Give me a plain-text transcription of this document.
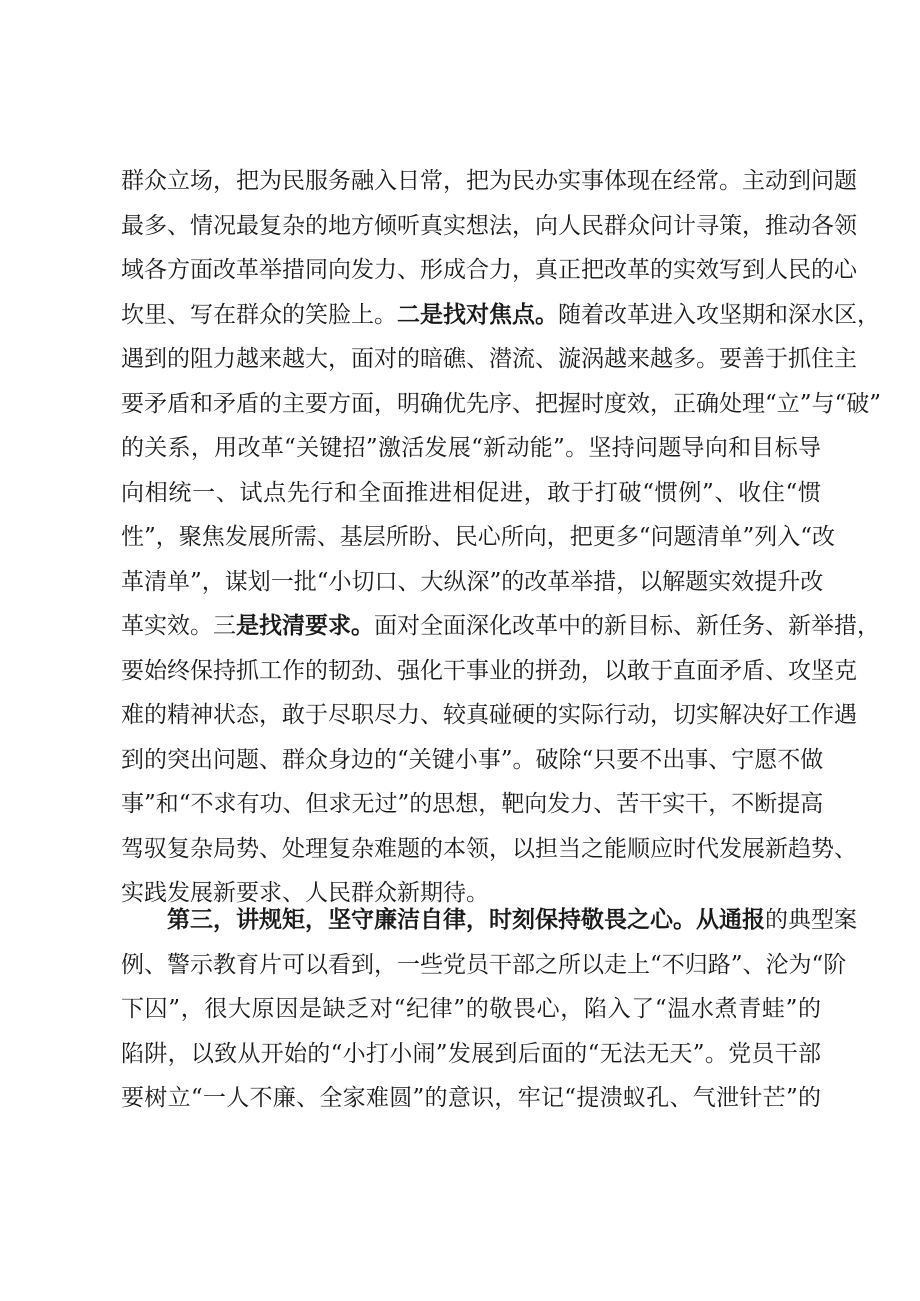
群众立场，把为民服务融入日常，把为民办实事体现在经常。主动到问题
最多、情况最复杂的地方倾听真实想法，向人民群众问计寻策，推动各领
域各方面改革举措同向发力、形成合力，真正把改革的实效写到人民的心
坎里、写在群众的笑脸上。二是找对焦点。随着改革进入攻坚期和深水区，
遇到的阻力越来越大，面对的暗礁、潜流、漩涡越来越多。要善于抓住主
要矛盾和矛盾的主要方面，明确优先序、把握时度效，正确处理“立”与“破”
的关系，用改革“关键招”激活发展“新动能”。坚持问题导向和目标导
向相统一、试点先行和全面推进相促进，敢于打破“惯例”、收住“惯
性”，聚焦发展所需、基层所盼、民心所向，把更多“问题清单”列入“改
革清单”，谋划一批“小切口、大纵深”的改革举措，以解题实效提升改
革实效。三是找清要求。面对全面深化改革中的新目标、新任务、新举措，
要始终保持抓工作的韧劲、强化干事业的拼劲，以敢于直面矛盾、攻坚克
难的精神状态，敢于尽职尽力、较真碰硬的实际行动，切实解决好工作遇
到的突出问题、群众身边的“关键小事”。破除“只要不出事、宁愿不做
事”和“不求有功、但求无过”的思想，靶向发力、苦干实干，不断提高
驾驭复杂局势、处理复杂难题的本领，以担当之能顺应时代发展新趋势、
实践发展新要求、人民群众新期待。
第三，讲规矩，坚守廉洁自律，时刻保持敬畏之心。从通报的典型案
例、警示教育片可以看到，一些党员干部之所以走上“不归路”、沦为“阶
下囚”，很大原因是缺乏对“纪律”的敬畏心，陷入了“温水煮青蛙”的
陷阱，以致从开始的“小打小闹”发展到后面的“无法无天”。党员干部
要树立“一人不廉、全家难圆”的意识，牢记“提溃蚁孔、气泄针芒”的
